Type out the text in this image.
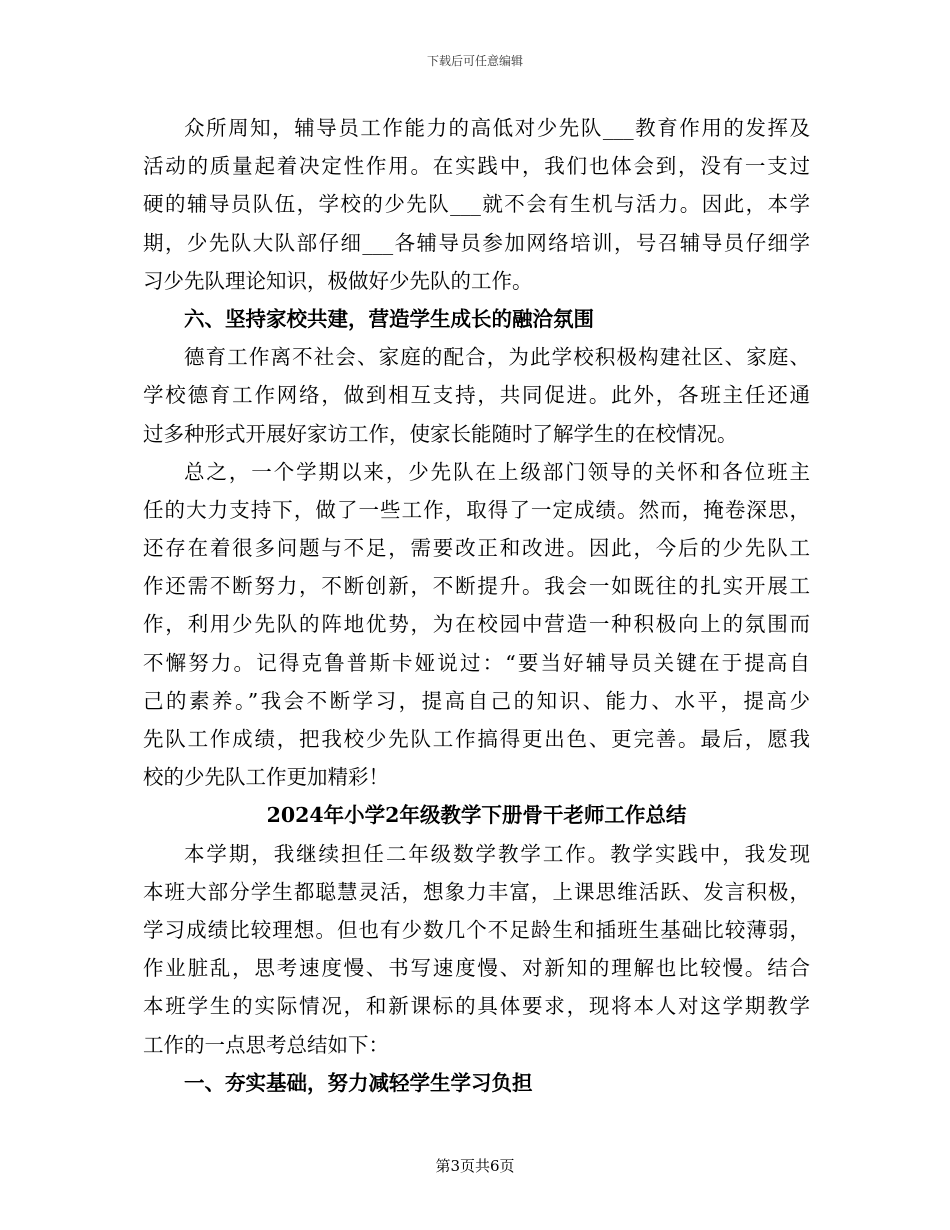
下载后可任意编辑
众所周知，辅导员工作能力的高低对少先队___教育作用的发挥及
活动的质量起着决定性作用。在实践中，我们也体会到，没有一支过
硬的辅导员队伍，学校的少先队___就不会有生机与活力。因此，本学
期，少先队大队部仔细___各辅导员参加网络培训，号召辅导员仔细学
习少先队理论知识，极做好少先队的工作。
六、坚持家校共建，营造学生成长的融洽氛围
德育工作离不社会、家庭的配合，为此学校积极构建社区、家庭、
学校德育工作网络，做到相互支持，共同促进。此外，各班主任还通
过多种形式开展好家访工作，使家长能随时了解学生的在校情况。
总之，一个学期以来，少先队在上级部门领导的关怀和各位班主
任的大力支持下，做了一些工作，取得了一定成绩。然而，掩卷深思，
还存在着很多问题与不足，需要改正和改进。因此，今后的少先队工
作还需不断努力，不断创新，不断提升。我会一如既往的扎实开展工
作，利用少先队的阵地优势，为在校园中营造一种积极向上的氛围而
不懈努力。记得克鲁普斯卡娅说过：“要当好辅导员关键在于提高自
己的素养。”我会不断学习，提高自己的知识、能力、水平，提高少
先队工作成绩，把我校少先队工作搞得更出色、更完善。最后，愿我
校的少先队工作更加精彩！
2024年小学2年级教学下册骨干老师工作总结
本学期，我继续担任二年级数学教学工作。教学实践中，我发现
本班大部分学生都聪慧灵活，想象力丰富，上课思维活跃、发言积极，
学习成绩比较理想。但也有少数几个不足龄生和插班生基础比较薄弱，
作业脏乱，思考速度慢、书写速度慢、对新知的理解也比较慢。结合
本班学生的实际情况，和新课标的具体要求，现将本人对这学期教学
工作的一点思考总结如下：
一、夯实基础，努力减轻学生学习负担
第3页共6页
